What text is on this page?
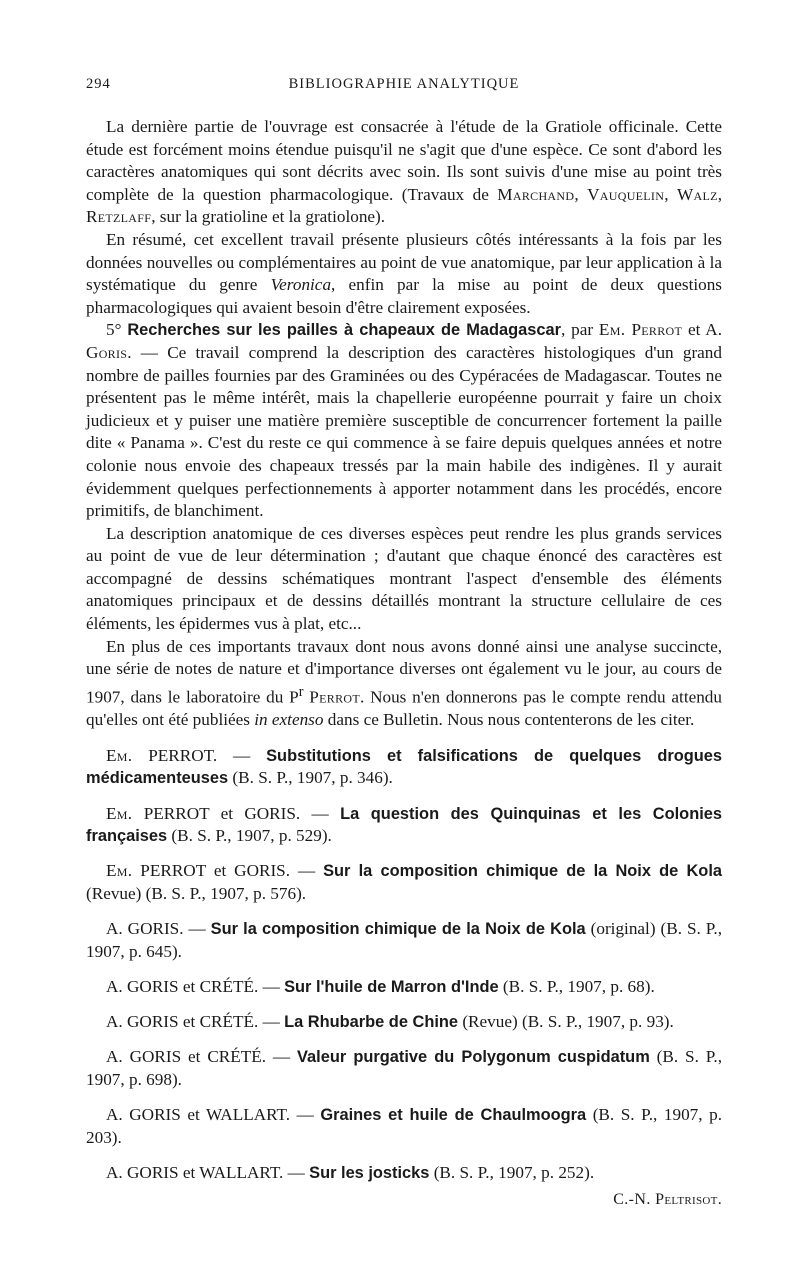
294	BIBLIOGRAPHIE ANALYTIQUE

La dernière partie de l'ouvrage est consacrée à l'étude de la Gratiole officinale. Cette étude est forcément moins étendue puisqu'il ne s'agit que d'une espèce. Ce sont d'abord les caractères anatomiques qui sont décrits avec soin. Ils sont suivis d'une mise au point très complète de la question pharmacologique. (Travaux de Marchand, Vauquelin, Walz, Retzlaff, sur la gratioline et la gratiolone).

En résumé, cet excellent travail présente plusieurs côtés intéressants à la fois par les données nouvelles ou complémentaires au point de vue anatomique, par leur application à la systématique du genre Veronica, enfin par la mise au point de deux questions pharmacologiques qui avaient besoin d'être clairement exposées.

5° Recherches sur les pailles à chapeaux de Madagascar, par Em. Perrot et A. Goris. — Ce travail comprend la description des caractères histologiques d'un grand nombre de pailles fournies par des Graminées ou des Cypéracées de Madagascar. Toutes ne présentent pas le même intérêt, mais la chapellerie européenne pourrait y faire un choix judicieux et y puiser une matière première susceptible de concurrencer fortement la paille dite « Panama ». C'est du reste ce qui commence à se faire depuis quelques années et notre colonie nous envoie des chapeaux tressés par la main habile des indigènes. Il y aurait évidemment quelques perfectionnements à apporter notamment dans les procédés, encore primitifs, de blanchiment.

La description anatomique de ces diverses espèces peut rendre les plus grands services au point de vue de leur détermination ; d'autant que chaque énoncé des caractères est accompagné de dessins schématiques montrant l'aspect d'ensemble des éléments anatomiques principaux et de dessins détaillés montrant la structure cellulaire de ces éléments, les épidermes vus à plat, etc...

En plus de ces importants travaux dont nous avons donné ainsi une analyse succincte, une série de notes de nature et d'importance diverses ont également vu le jour, au cours de 1907, dans le laboratoire du $P^r$ Perrot. Nous n'en donnerons pas le compte rendu attendu qu'elles ont été publiées in extenso dans ce Bulletin. Nous nous contenterons de les citer.

Em. PERROT. — Substitutions et falsifications de quelques drogues médicamenteuses (B. S. P., 1907, p. 346).

Em. PERROT et GORIS. — La question des Quinquinas et les Colonies françaises (B. S. P., 1907, p. 529).

Em. PERROT et GORIS. — Sur la composition chimique de la Noix de Kola (Revue) (B. S. P., 1907, p. 576).

A. GORIS. — Sur la composition chimique de la Noix de Kola (original) (B. S. P., 1907, p. 645).

A. GORIS et CRÉTÉ. — Sur l'huile de Marron d'Inde (B. S. P., 1907, p. 68).

A. GORIS et CRÉTÉ. — La Rhubarbe de Chine (Revue) (B. S. P., 1907, p. 93).

A. GORIS et CRÉTÉ. — Valeur purgative du Polygonum cuspidatum (B. S. P., 1907, p. 698).

A. GORIS et WALLART. — Graines et huile de Chaulmoogra (B. S. P., 1907, p. 203).

A. GORIS et WALLART. — Sur les josticks (B. S. P., 1907, p. 252).

C.-N. Peltrisot.
